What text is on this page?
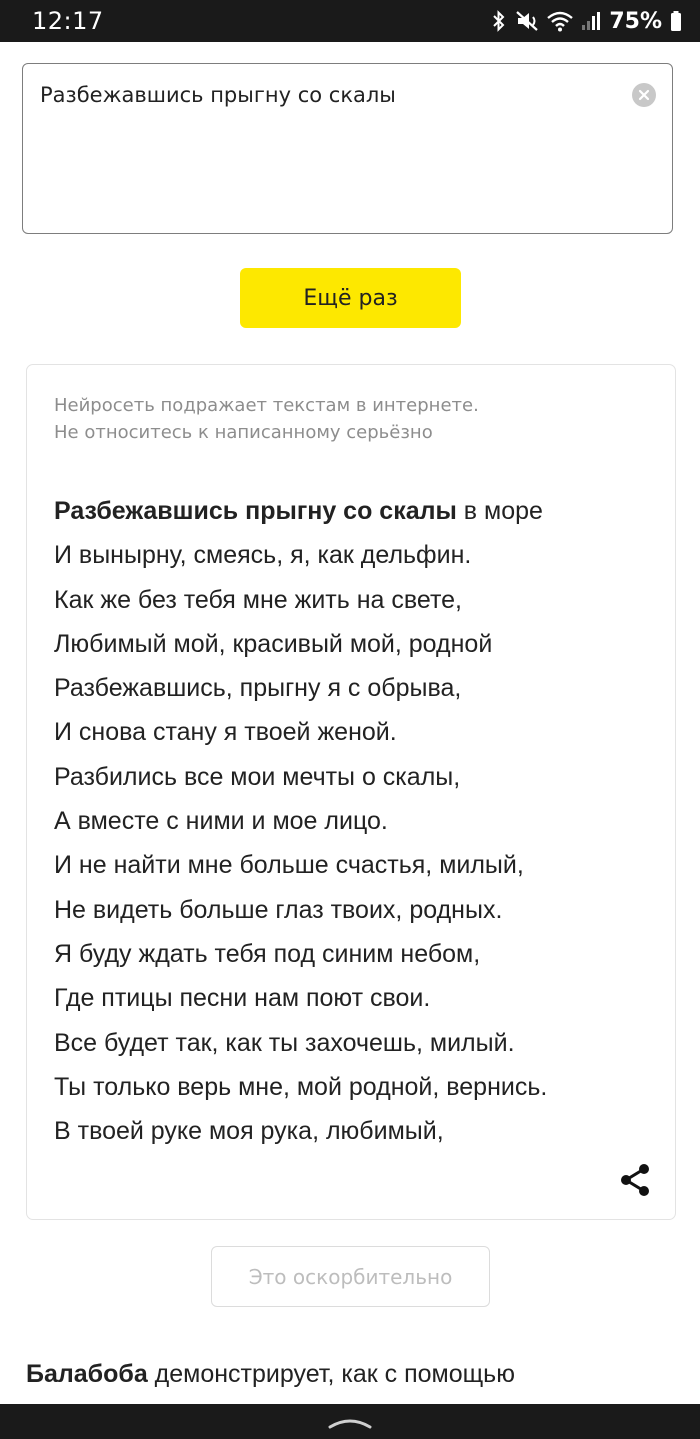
12:17	75%
Разбежавшись прыгну со скалы
Ещё раз
Нейросеть подражает текстам в интернете.
Не относитесь к написанному серьёзно
Разбежавшись прыгну со скалы в море
И вынырну, смеясь, я, как дельфин.
Как же без тебя мне жить на свете,
Любимый мой, красивый мой, родной
Разбежавшись, прыгну я с обрыва,
И снова стану я твоей женой.
Разбились все мои мечты о скалы,
А вместе с ними и мое лицо.
И не найти мне больше счастья, милый,
Не видеть больше глаз твоих, родных.
Я буду ждать тебя под синим небом,
Где птицы песни нам поют свои.
Все будет так, как ты захочешь, милый.
Ты только верь мне, мой родной, вернись.
В твоей руке моя рука, любимый,
Это оскорбительно
Балабоба демонстрирует, как с помощью
